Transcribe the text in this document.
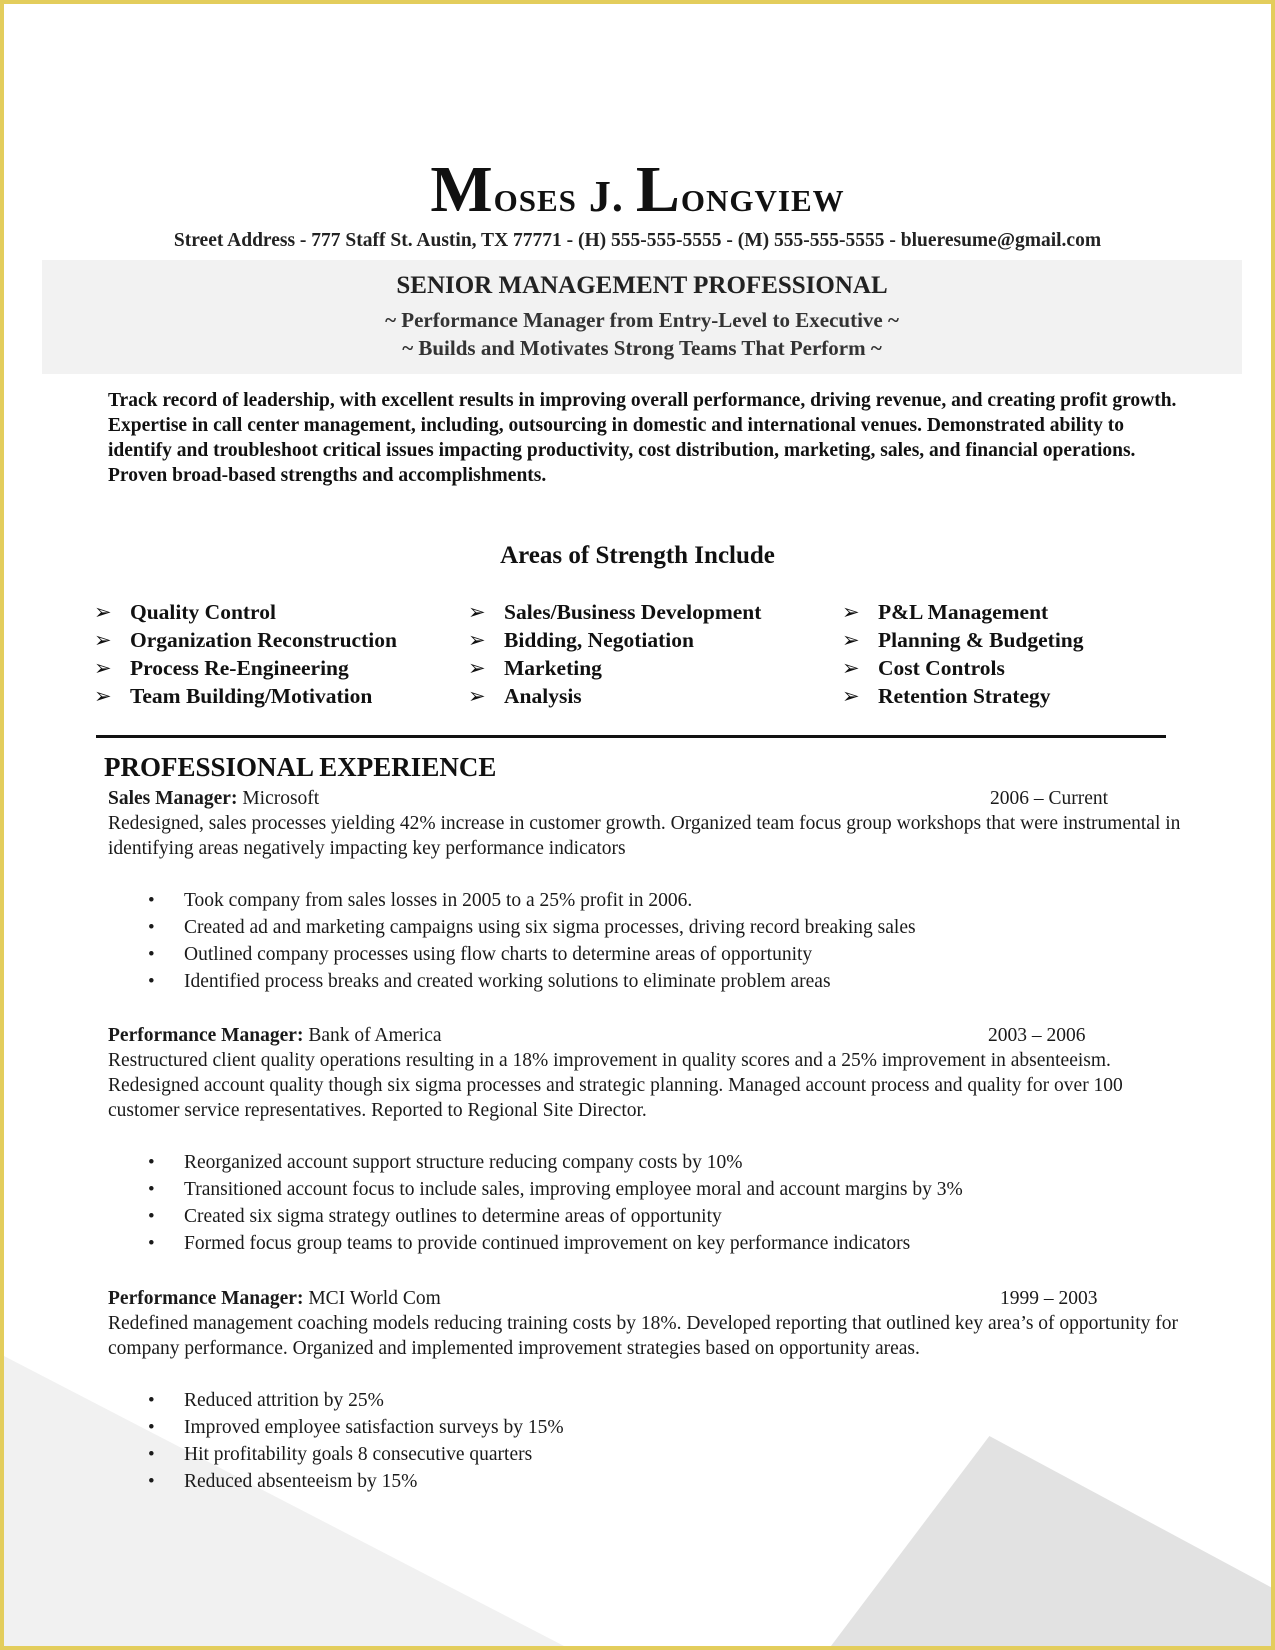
Moses J. Longview
Street Address - 777 Staff St. Austin, TX 77771 - (H) 555-555-5555 - (M) 555-555-5555 - blueresume@gmail.com
SENIOR MANAGEMENT PROFESSIONAL
~ Performance Manager from Entry-Level to Executive ~
~ Builds and Motivates Strong Teams That Perform ~
Track record of leadership, with excellent results in improving overall performance, driving revenue, and creating profit growth. Expertise in call center management, including, outsourcing in domestic and international venues. Demonstrated ability to identify and troubleshoot critical issues impacting productivity, cost distribution, marketing, sales, and financial operations. Proven broad-based strengths and accomplishments.
Areas of Strength Include
➢ Quality Control
➢ Organization Reconstruction
➢ Process Re-Engineering
➢ Team Building/Motivation
➢ Sales/Business Development
➢ Bidding, Negotiation
➢ Marketing
➢ Analysis
➢ P&L Management
➢ Planning & Budgeting
➢ Cost Controls
➢ Retention Strategy
PROFESSIONAL EXPERIENCE
Sales Manager: Microsoft	2006 – Current

Redesigned, sales processes yielding 42% increase in customer growth. Organized team focus group workshops that were instrumental in identifying areas negatively impacting key performance indicators

• Took company from sales losses in 2005 to a 25% profit in 2006.
• Created ad and marketing campaigns using six sigma processes, driving record breaking sales
• Outlined company processes using flow charts to determine areas of opportunity
• Identified process breaks and created working solutions to eliminate problem areas
Performance Manager: Bank of America	2003 – 2006

Restructured client quality operations resulting in a 18% improvement in quality scores and a 25% improvement in absenteeism. Redesigned account quality though six sigma processes and strategic planning. Managed account process and quality for over 100 customer service representatives. Reported to Regional Site Director.

• Reorganized account support structure reducing company costs by 10%
• Transitioned account focus to include sales, improving employee moral and account margins by 3%
• Created six sigma strategy outlines to determine areas of opportunity
• Formed focus group teams to provide continued improvement on key performance indicators
Performance Manager: MCI World Com	1999 – 2003

Redefined management coaching models reducing training costs by 18%. Developed reporting that outlined key area’s of opportunity for company performance. Organized and implemented improvement strategies based on opportunity areas.

• Reduced attrition by 25%
• Improved employee satisfaction surveys by 15%
• Hit profitability goals 8 consecutive quarters
• Reduced absenteeism by 15%
